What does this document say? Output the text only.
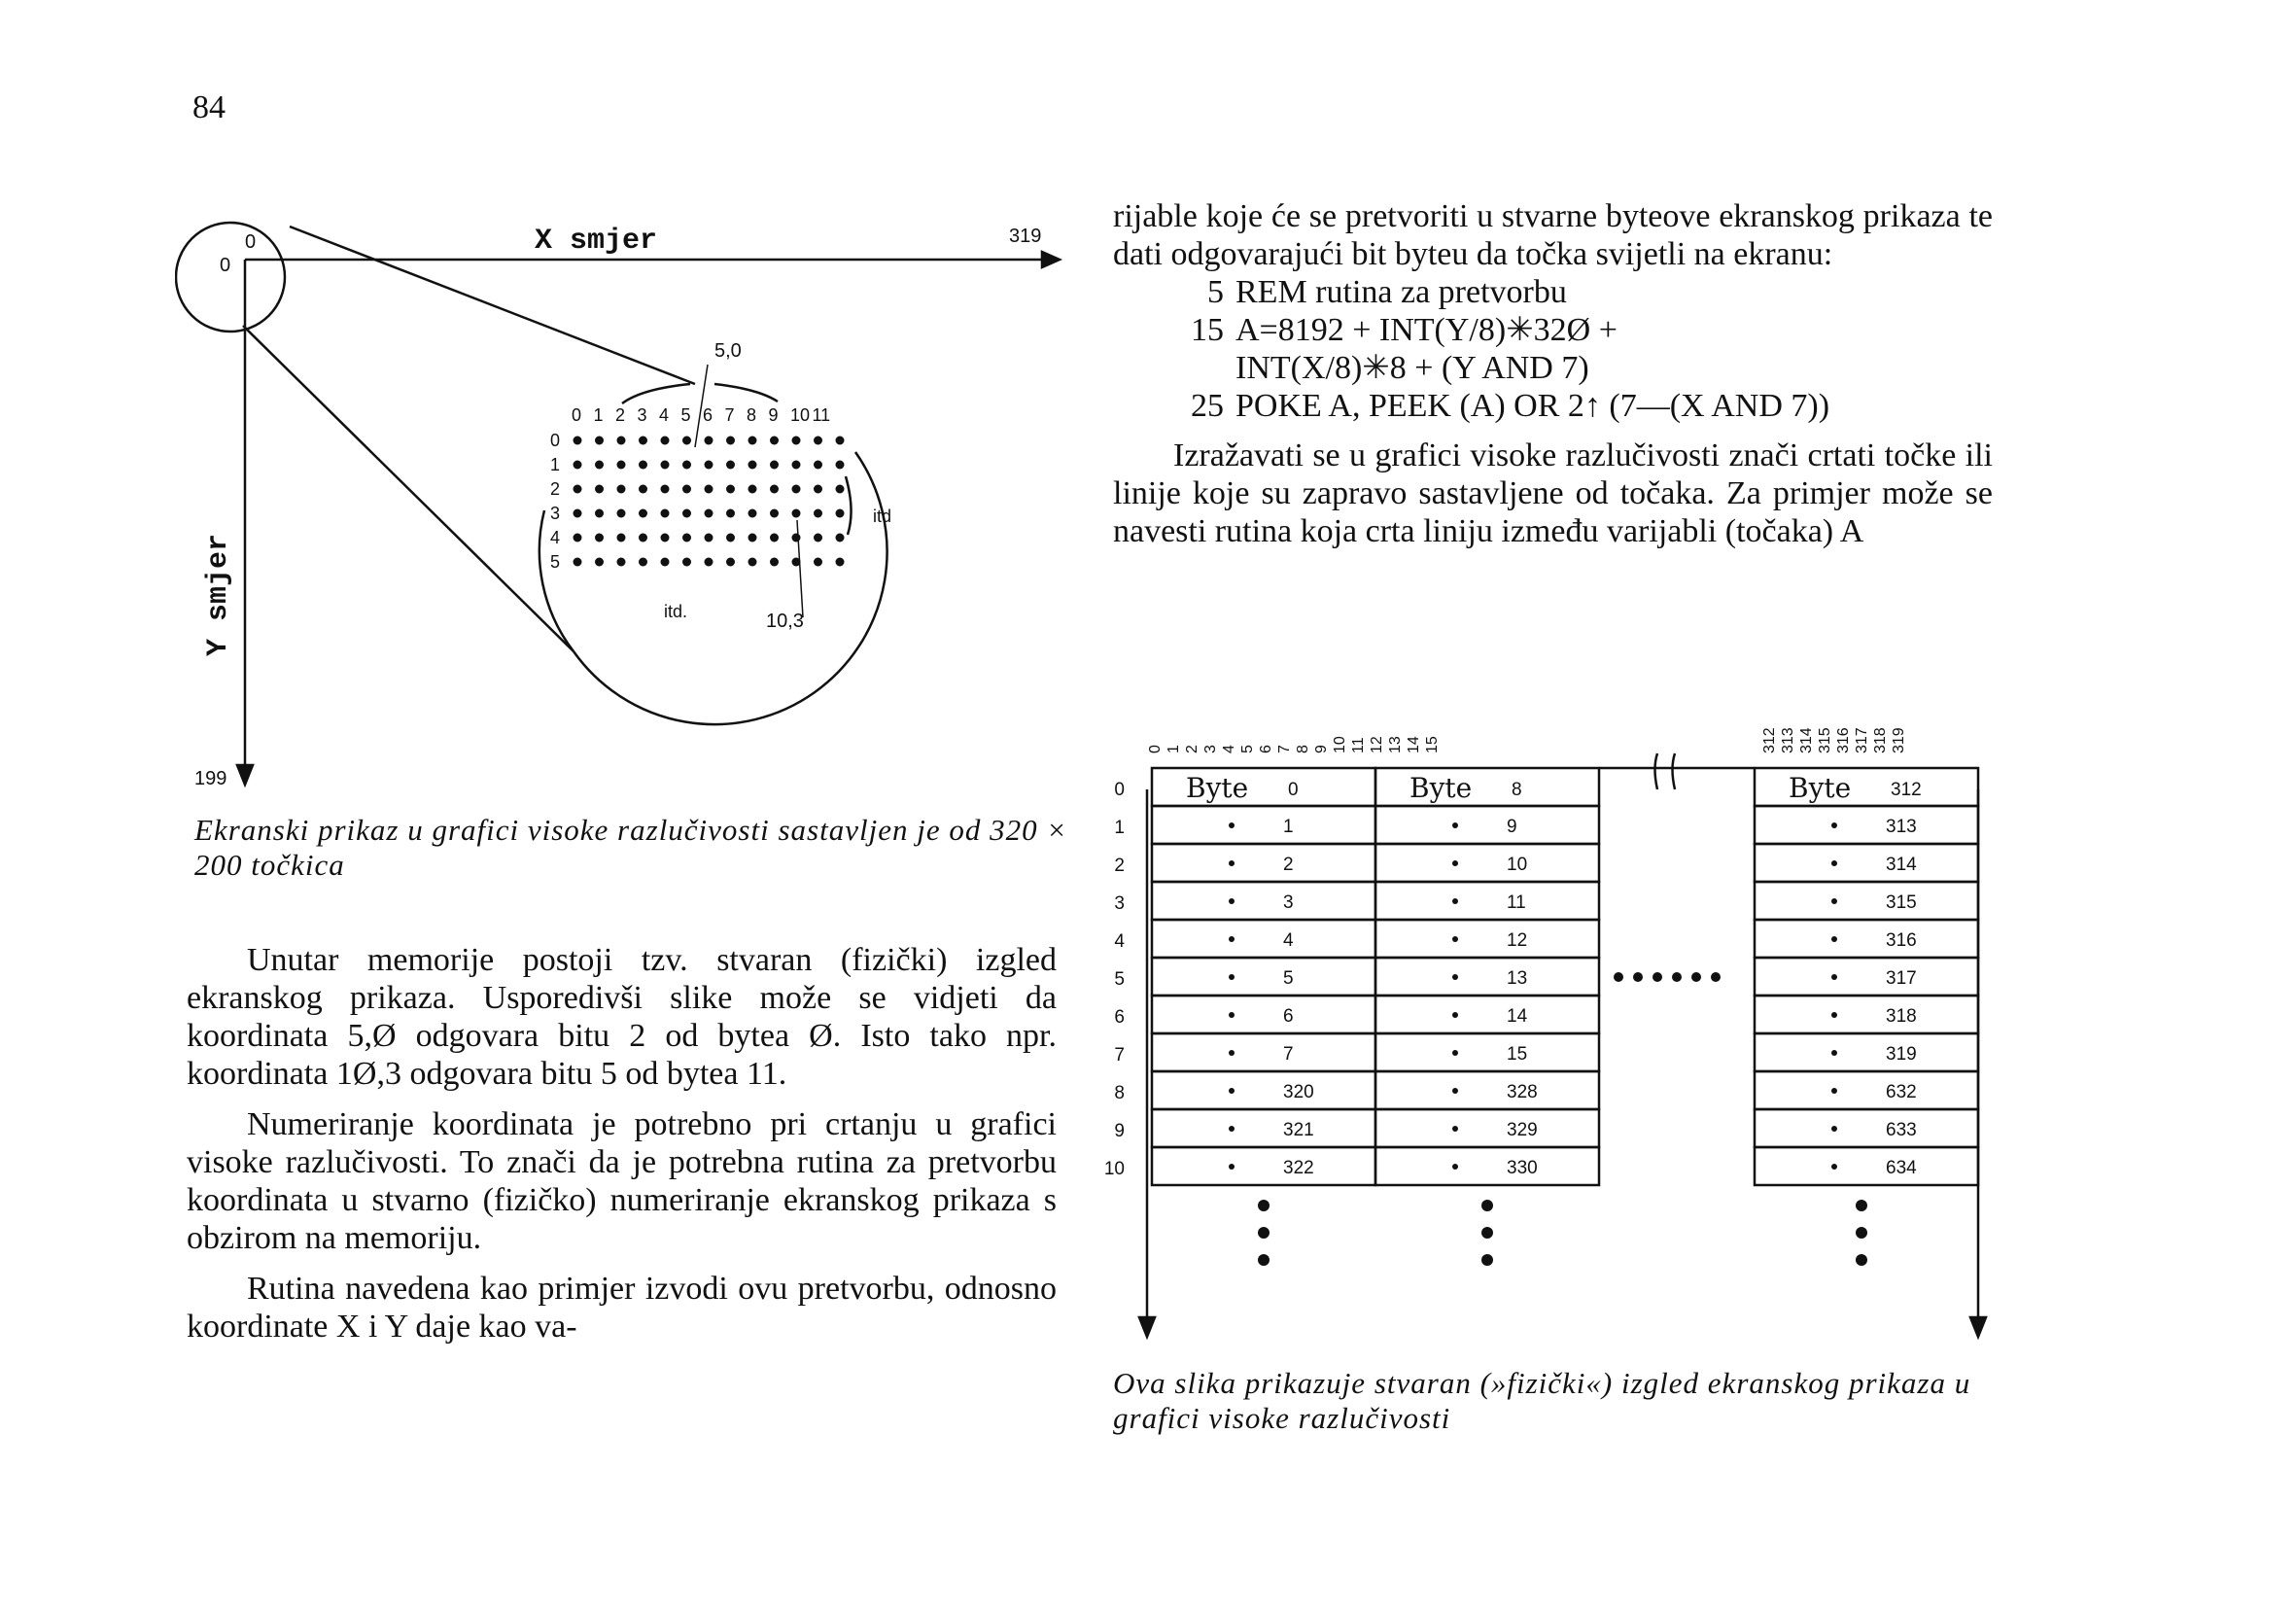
84
0
0
X smjer	319
Y smjer
199
5,0
10,3
itd
itd.
0 1 2 3 4 5 6 7 8 9 10 11
0
1
2
3
4
5
Ekranski prikaz u grafici visoke razlučivosti sastavljen je od 320 × 200 točkica

Unutar memorije postoji tzv. stvaran (fizički) izgled ekranskog prikaza. Usporedivši slike može se vidjeti da koordinata 5,Ø odgovara bitu 2 od bytea Ø. Isto tako npr. koordinata 1Ø,3 odgovara bitu 5 od bytea 11.

Numeriranje koordinata je potrebno pri crtanju u grafici visoke razlučivosti. To znači da je potrebna rutina za pretvorbu koordinata u stvarno (fizičko) numeriranje ekranskog prikaza s obzirom na memoriju.

Rutina navedena kao primjer izvodi ovu pretvorbu, odnosno koordinate X i Y daje kao va-

rijable koje će se pretvoriti u stvarne byteove ekranskog prikaza te dati odgovarajući bit byteu da točka svijetli na ekranu:

5 REM rutina za pretvorbu
15 A=8192 + INT(Y/8)✳32Ø +
INT(X/8)✳8 + (Y AND 7)
25 POKE A, PEEK (A) OR 2↑ (7—(X AND 7))

Izražavati se u grafici visoke razlučivosti znači crtati točke ili linije koje su zapravo sastavljene od točaka. Za primjer može se navesti rutina koja crta liniju između varijabli (točaka) A

0 1 2 3 4 5 6 7 8 9 10 11 12 13 14 15	312 313 314 315 316 317 318 319
0
1
2
3
4
5
6
7
8
9
10
Byte 0
1
2
3
4
5
6
7
320
321
322
Byte 8
9
10
11
12
13
14
15
328
329
330
Byte 312
313
314
315
316
317
318
319
632
633
634
Ova slika prikazuje stvaran (»fizički«) izgled ekranskog prikaza u grafici visoke razlučivosti
